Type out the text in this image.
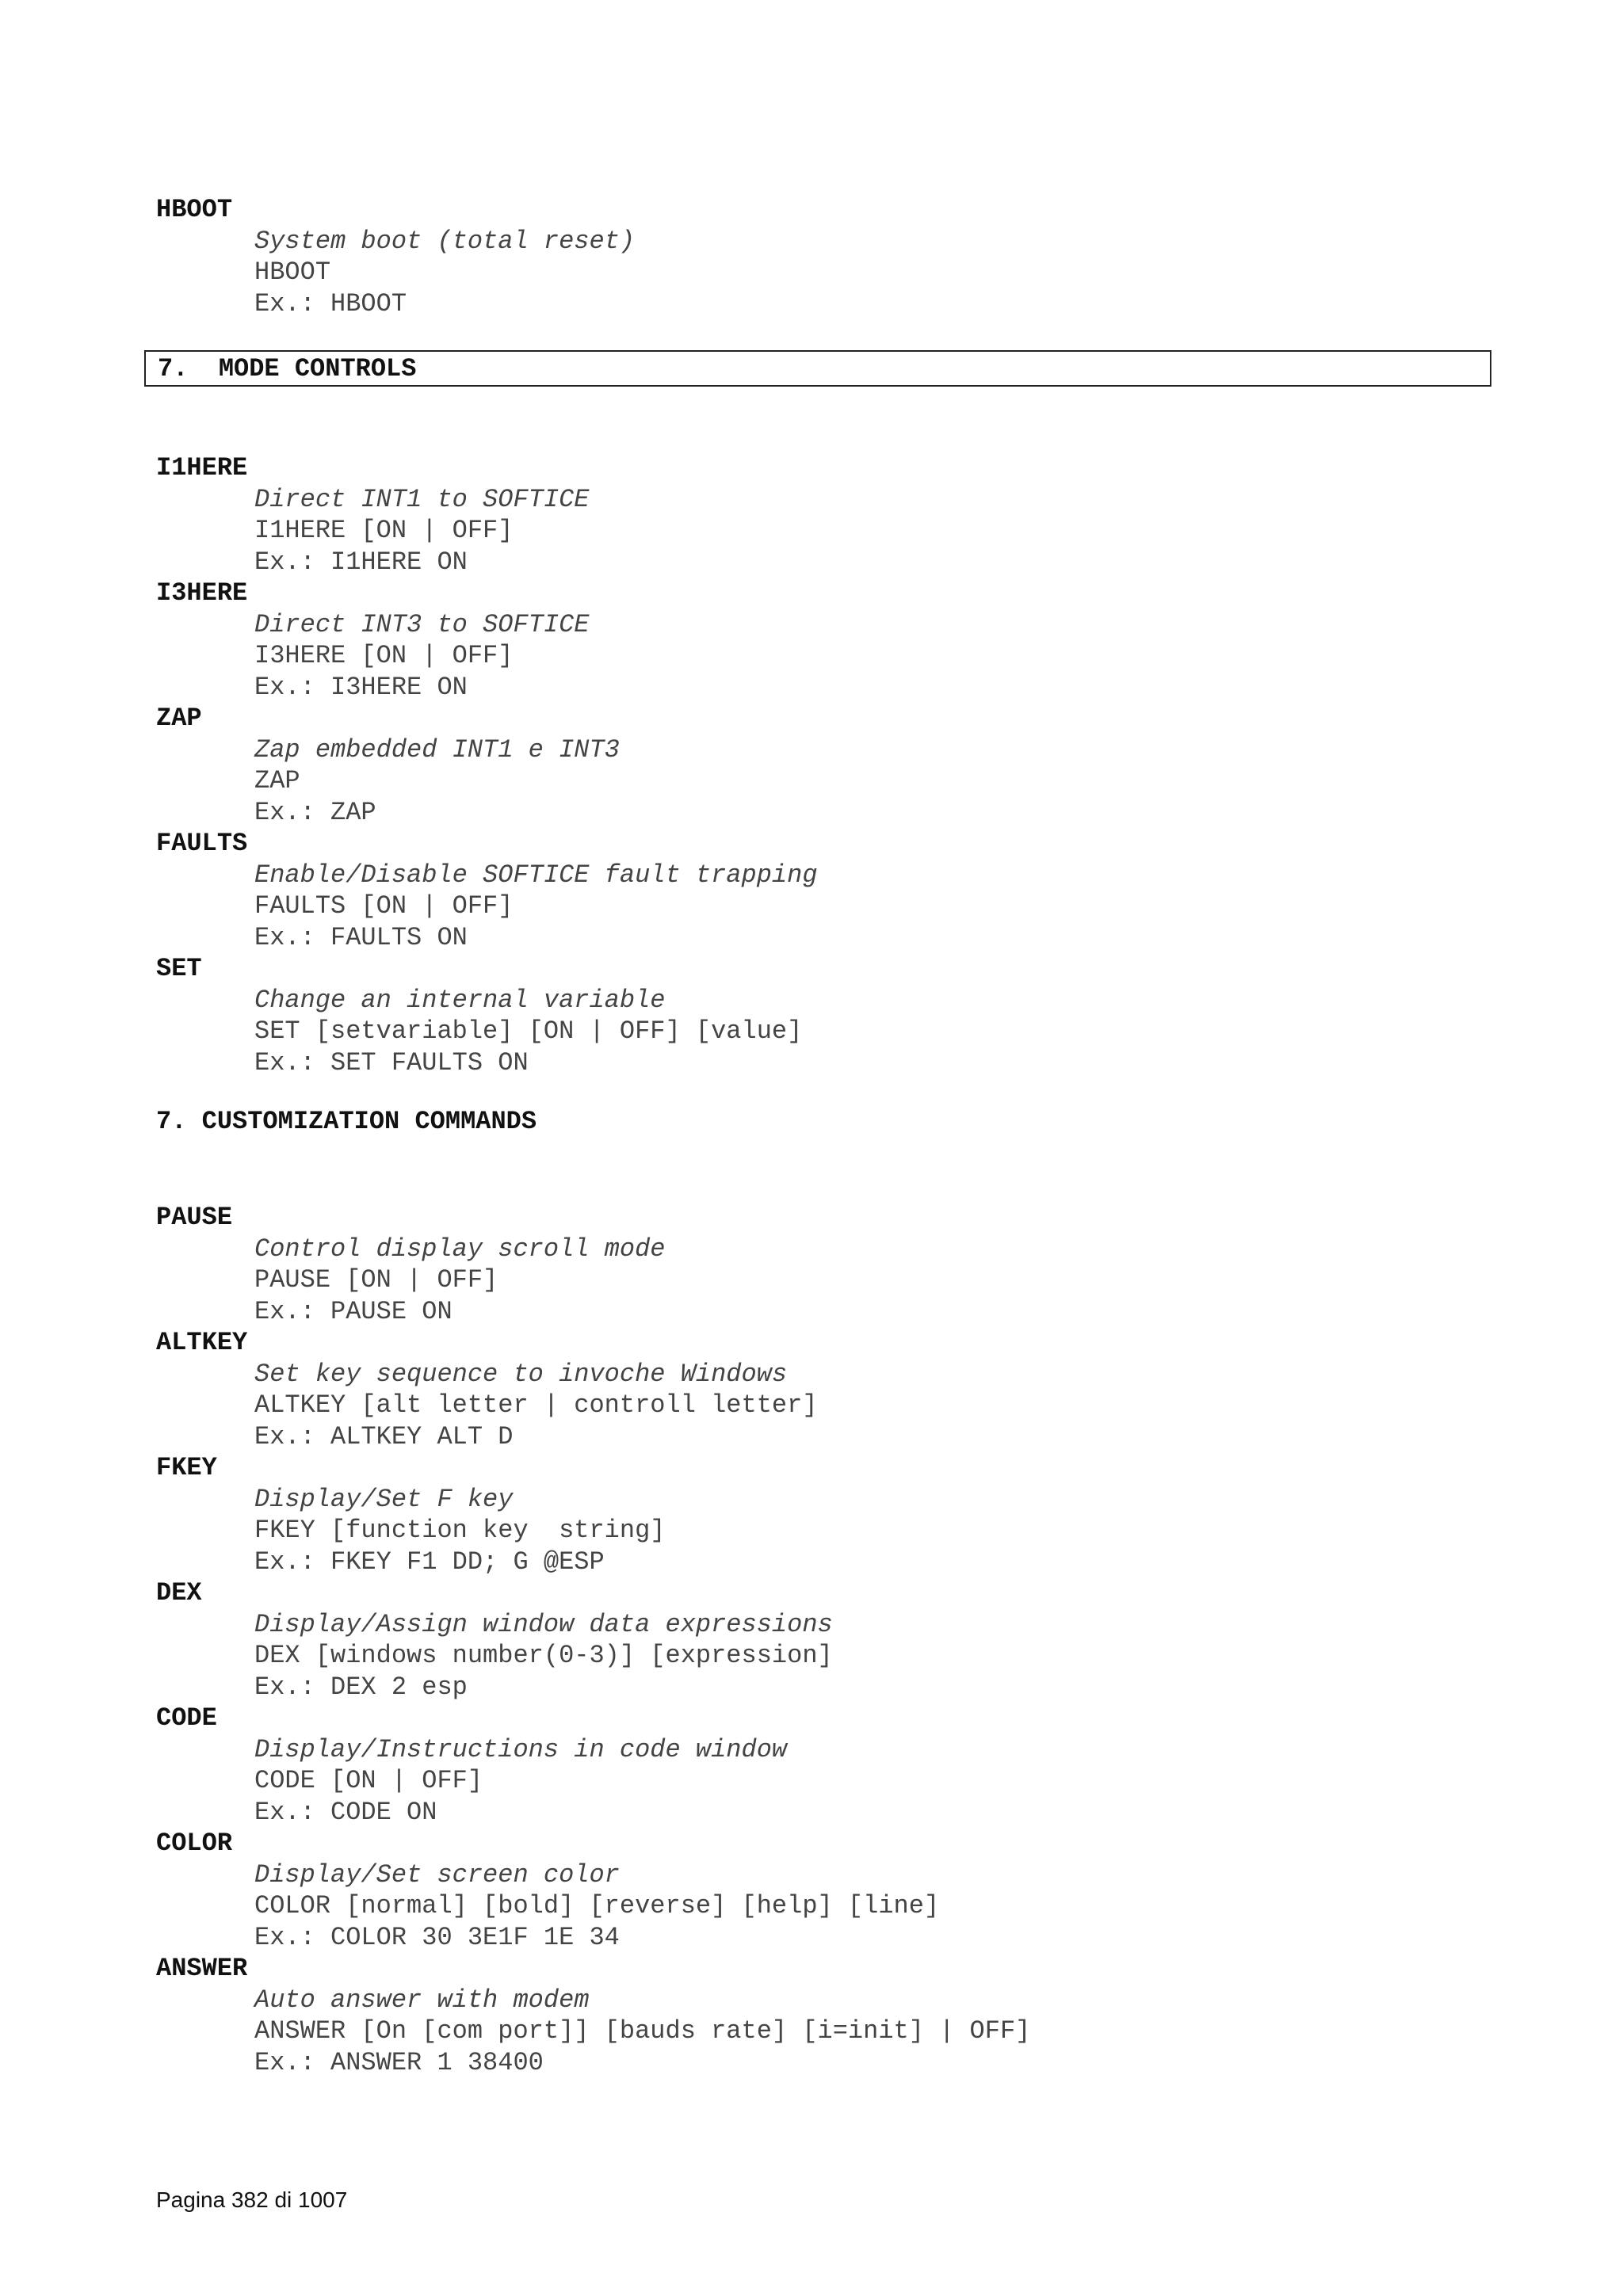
HBOOT
System boot (total reset)
HBOOT
Ex.: HBOOT
7.  MODE CONTROLS
I1HERE
Direct INT1 to SOFTICE
I1HERE [ON | OFF]
Ex.: I1HERE ON
I3HERE
Direct INT3 to SOFTICE
I3HERE [ON | OFF]
Ex.: I3HERE ON
ZAP
Zap embedded INT1 e INT3
ZAP
Ex.: ZAP
FAULTS
Enable/Disable SOFTICE fault trapping
FAULTS [ON | OFF]
Ex.: FAULTS ON
SET
Change an internal variable
SET [setvariable] [ON | OFF] [value]
Ex.: SET FAULTS ON
7. CUSTOMIZATION COMMANDS
PAUSE
Control display scroll mode
PAUSE [ON | OFF]
Ex.: PAUSE ON
ALTKEY
Set key sequence to invoche Windows
ALTKEY [alt letter | controll letter]
Ex.: ALTKEY ALT D
FKEY
Display/Set F key
FKEY [function key  string]
Ex.: FKEY F1 DD; G @ESP
DEX
Display/Assign window data expressions
DEX [windows number(0-3)] [expression]
Ex.: DEX 2 esp
CODE
Display/Instructions in code window
CODE [ON | OFF]
Ex.: CODE ON
COLOR
Display/Set screen color
COLOR [normal] [bold] [reverse] [help] [line]
Ex.: COLOR 30 3E1F 1E 34
ANSWER
Auto answer with modem
ANSWER [On [com port]] [bauds rate] [i=init] | OFF]
Ex.: ANSWER 1 38400
Pagina 382 di 1007
